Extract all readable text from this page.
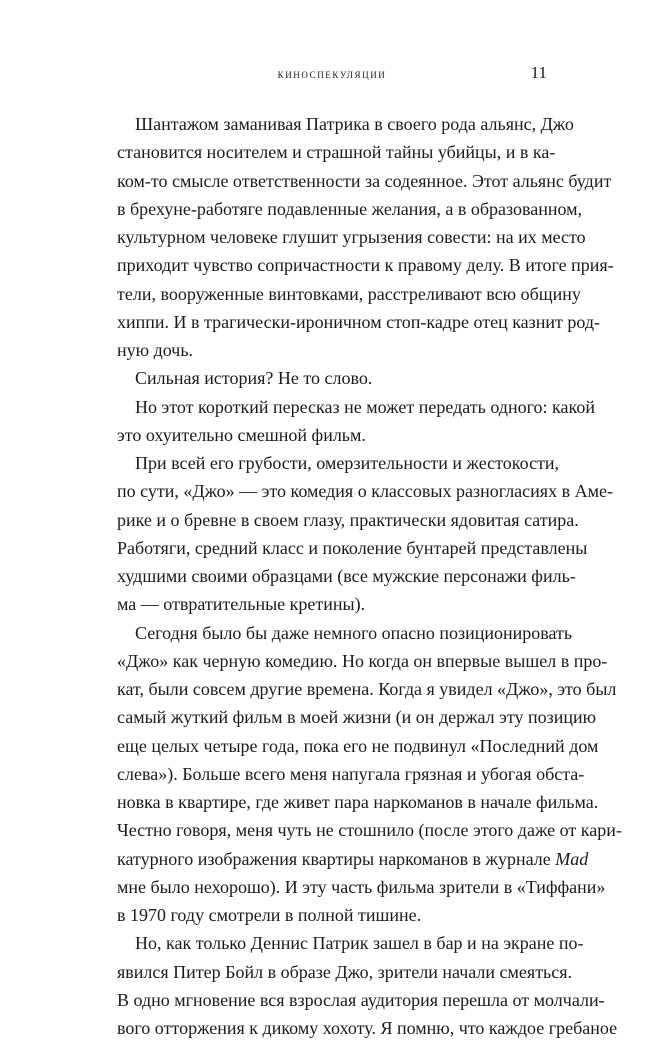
киноспекуляции	11
Шантажом заманивая Патрика в своего рода альянс, Джо
становится носителем и страшной тайны убийцы, и в ка-
ком-то смысле ответственности за содеянное. Этот альянс будит
в брехуне-работяге подавленные желания, а в образованном,
культурном человеке глушит угрызения совести: на их место
приходит чувство сопричастности к правому делу. В итоге прия-
тели, вооруженные винтовками, расстреливают всю общину
хиппи. И в трагически-ироничном стоп-кадре отец казнит род-
ную дочь.
Сильная история? Не то слово.
Но этот короткий пересказ не может передать одного: какой
это охуительно смешной фильм.
При всей его грубости, омерзительности и жестокости,
по сути, «Джо» — это комедия о классовых разногласиях в Аме-
рике и о бревне в своем глазу, практически ядовитая сатира.
Работяги, средний класс и поколение бунтарей представлены
худшими своими образцами (все мужские персонажи филь-
ма — отвратительные кретины).
Сегодня было бы даже немного опасно позиционировать
«Джо» как черную комедию. Но когда он впервые вышел в про-
кат, были совсем другие времена. Когда я увидел «Джо», это был
самый жуткий фильм в моей жизни (и он держал эту позицию
еще целых четыре года, пока его не подвинул «Последний дом
слева»). Больше всего меня напугала грязная и убогая обста-
новка в квартире, где живет пара наркоманов в начале фильма.
Честно говоря, меня чуть не стошнило (после этого даже от кари-
катурного изображения квартиры наркоманов в журнале Mad
мне было нехорошо). И эту часть фильма зрители в «Тиффани»
в 1970 году смотрели в полной тишине.
Но, как только Деннис Патрик зашел в бар и на экране по-
явился Питер Бойл в образе Джо, зрители начали смеяться.
В одно мгновение вся взрослая аудитория перешла от молчали-
вого отторжения к дикому хохоту. Я помню, что каждое гребаное
